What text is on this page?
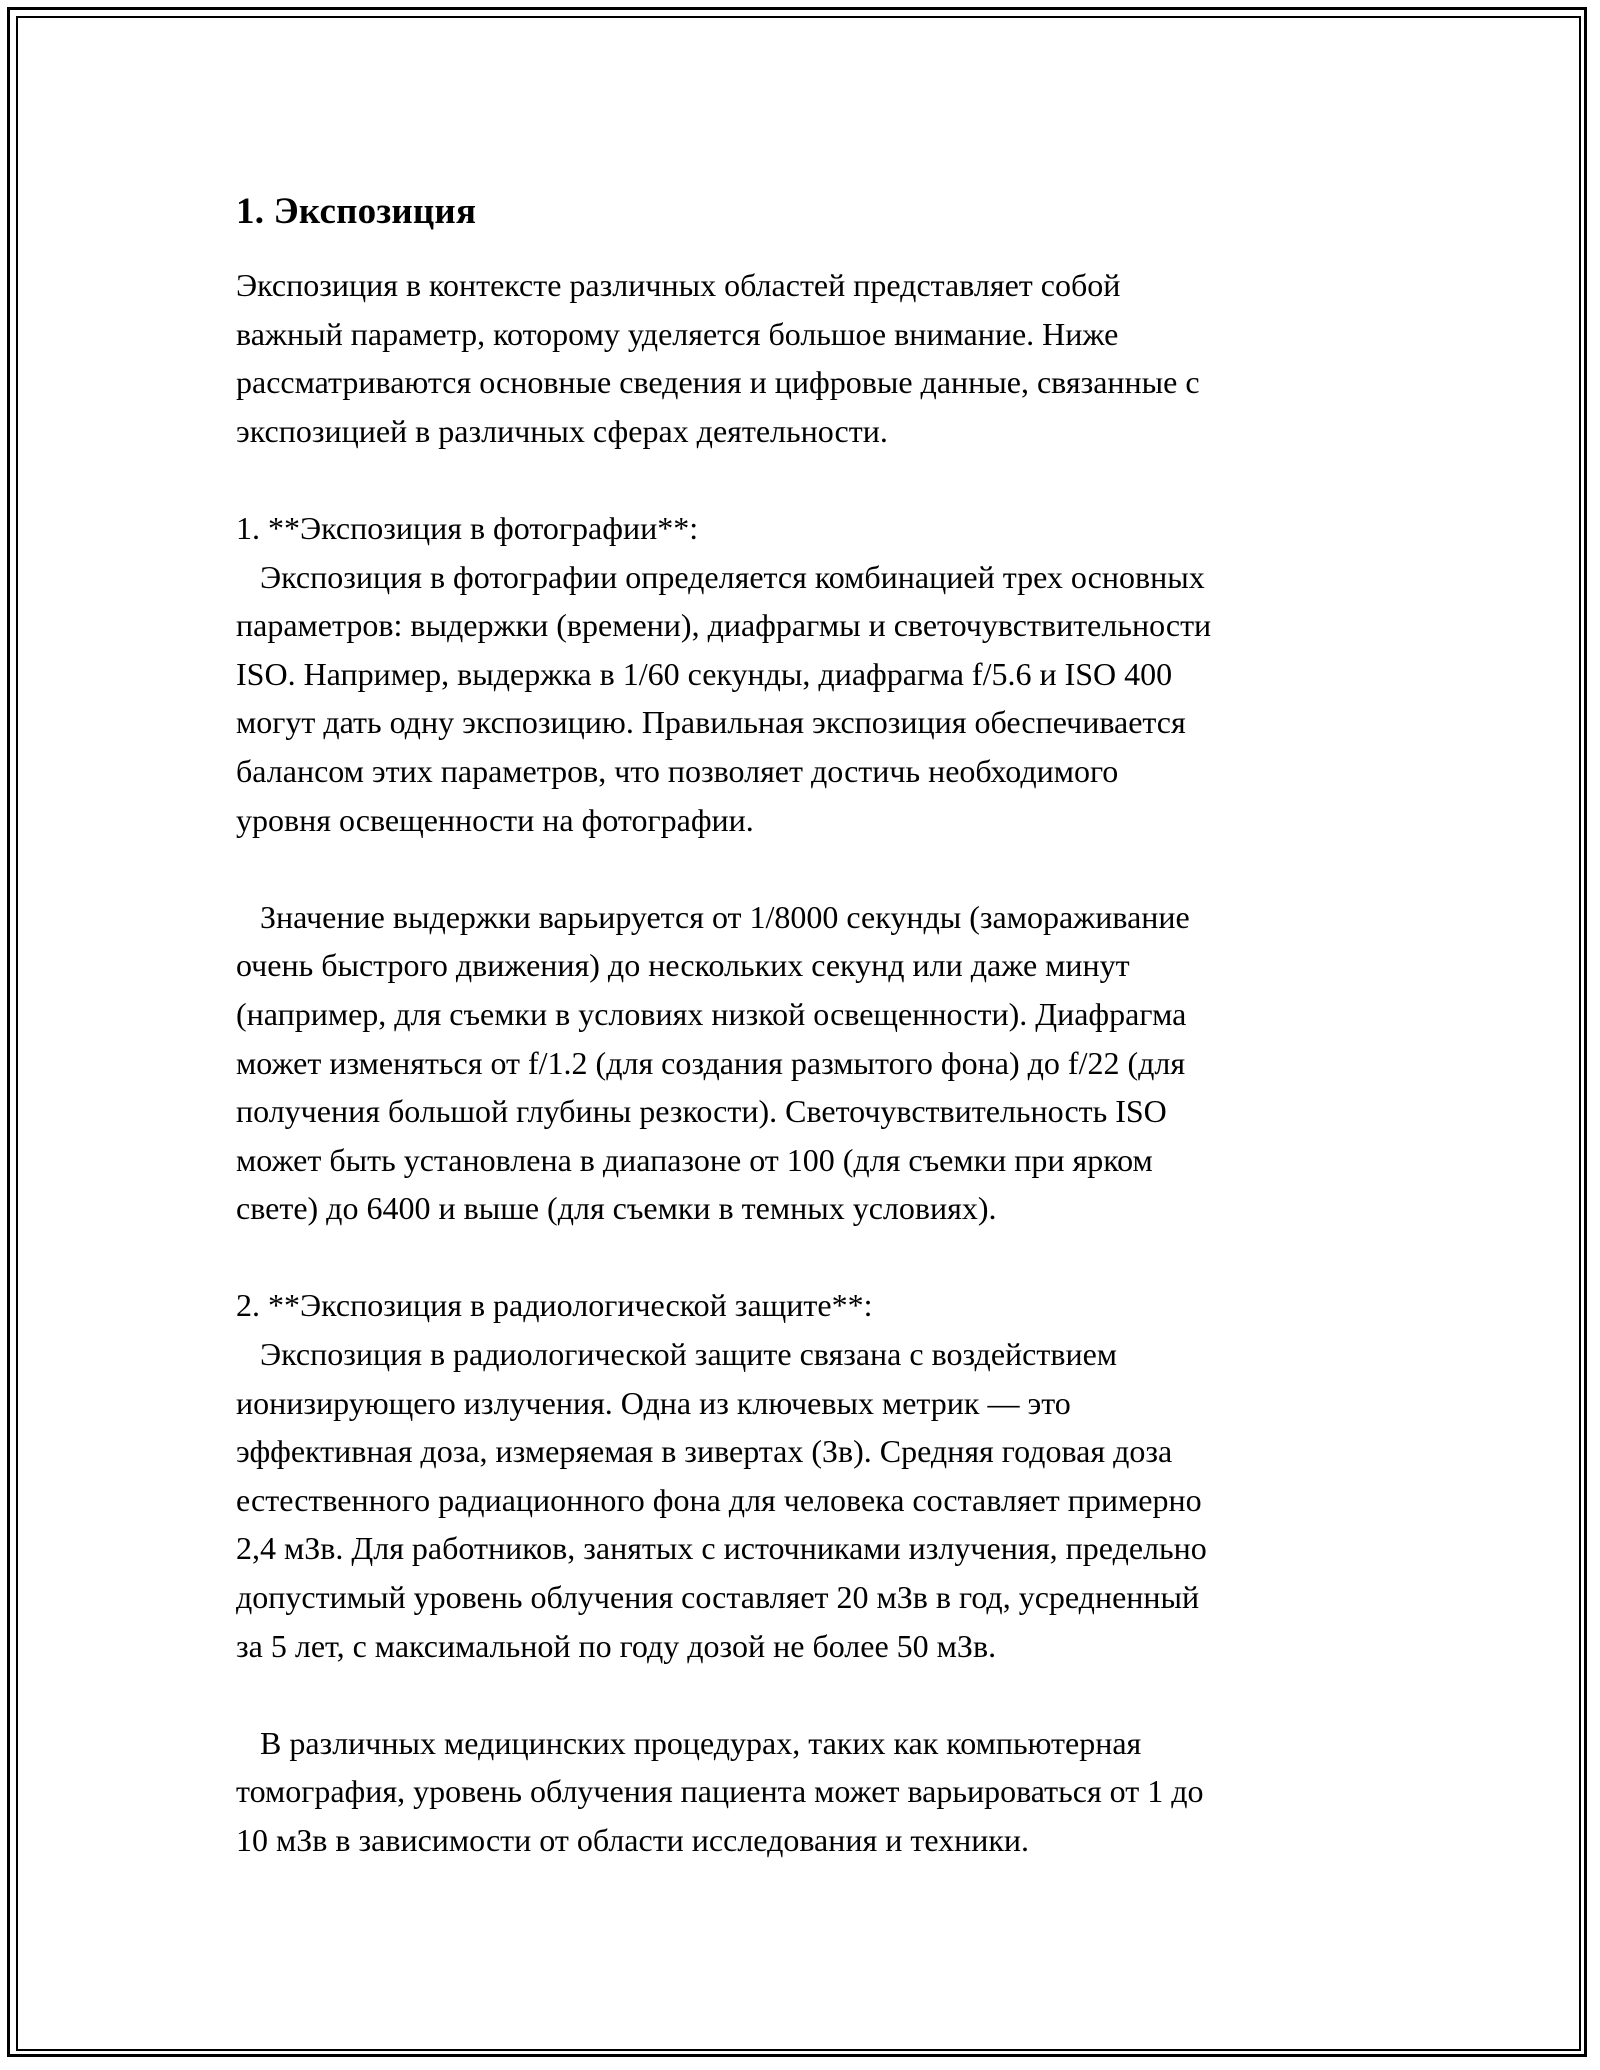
1. Экспозиция

Экспозиция в контексте различных областей представляет собой
важный параметр, которому уделяется большое внимание. Ниже
рассматриваются основные сведения и цифровые данные, связанные с
экспозицией в различных сферах деятельности.

1. **Экспозиция в фотографии**:

Экспозиция в фотографии определяется комбинацией трех основных
параметров: выдержки (времени), диафрагмы и светочувствительности
ISO. Например, выдержка в 1/60 секунды, диафрагма f/5.6 и ISO 400
могут дать одну экспозицию. Правильная экспозиция обеспечивается
балансом этих параметров, что позволяет достичь необходимого
уровня освещенности на фотографии.

Значение выдержки варьируется от 1/8000 секунды (замораживание
очень быстрого движения) до нескольких секунд или даже минут
(например, для съемки в условиях низкой освещенности). Диафрагма
может изменяться от f/1.2 (для создания размытого фона) до f/22 (для
получения большой глубины резкости). Светочувствительность ISO
может быть установлена в диапазоне от 100 (для съемки при ярком
свете) до 6400 и выше (для съемки в темных условиях).

2. **Экспозиция в радиологической защите**:

Экспозиция в радиологической защите связана с воздействием
ионизирующего излучения. Одна из ключевых метрик — это
эффективная доза, измеряемая в зивертах (Зв). Средняя годовая доза
естественного радиационного фона для человека составляет примерно
2,4 мЗв. Для работников, занятых с источниками излучения, предельно
допустимый уровень облучения составляет 20 мЗв в год, усредненный
за 5 лет, с максимальной по году дозой не более 50 мЗв.

В различных медицинских процедурах, таких как компьютерная
томография, уровень облучения пациента может варьироваться от 1 до
10 мЗв в зависимости от области исследования и техники.
